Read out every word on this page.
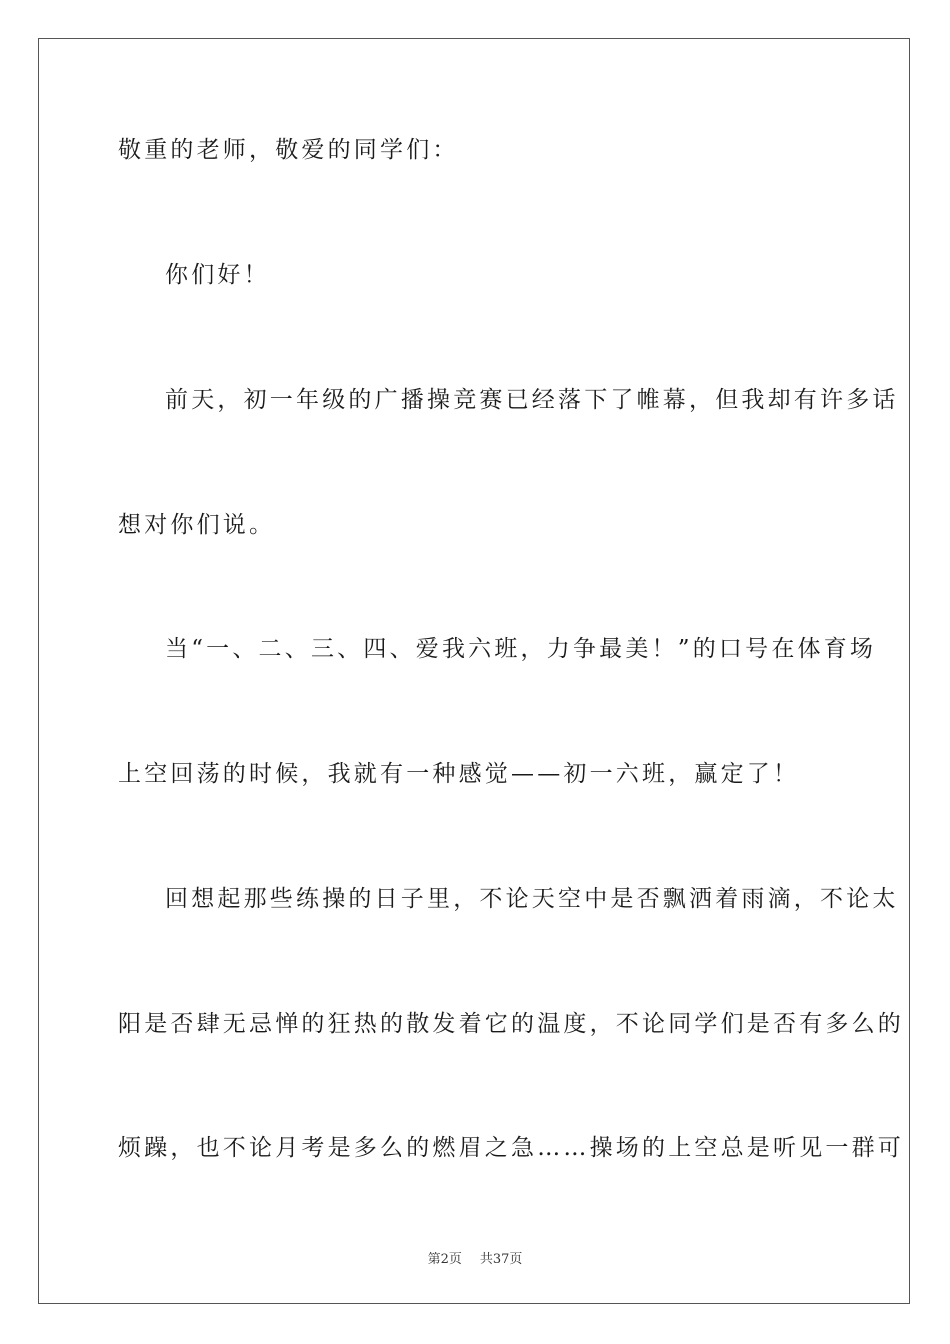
敬重的老师，敬爱的同学们：
你们好！
前天，初一年级的广播操竞赛已经落下了帷幕，但我却有许多话
想对你们说。
当“一、二、三、四、爱我六班，力争最美！”的口号在体育场
上空回荡的时候，我就有一种感觉——初一六班，赢定了！
回想起那些练操的日子里，不论天空中是否飘洒着雨滴，不论太
阳是否肆无忌惮的狂热的散发着它的温度，不论同学们是否有多么的
烦躁，也不论月考是多么的燃眉之急……操场的上空总是听见一群可
第2页 共37页
